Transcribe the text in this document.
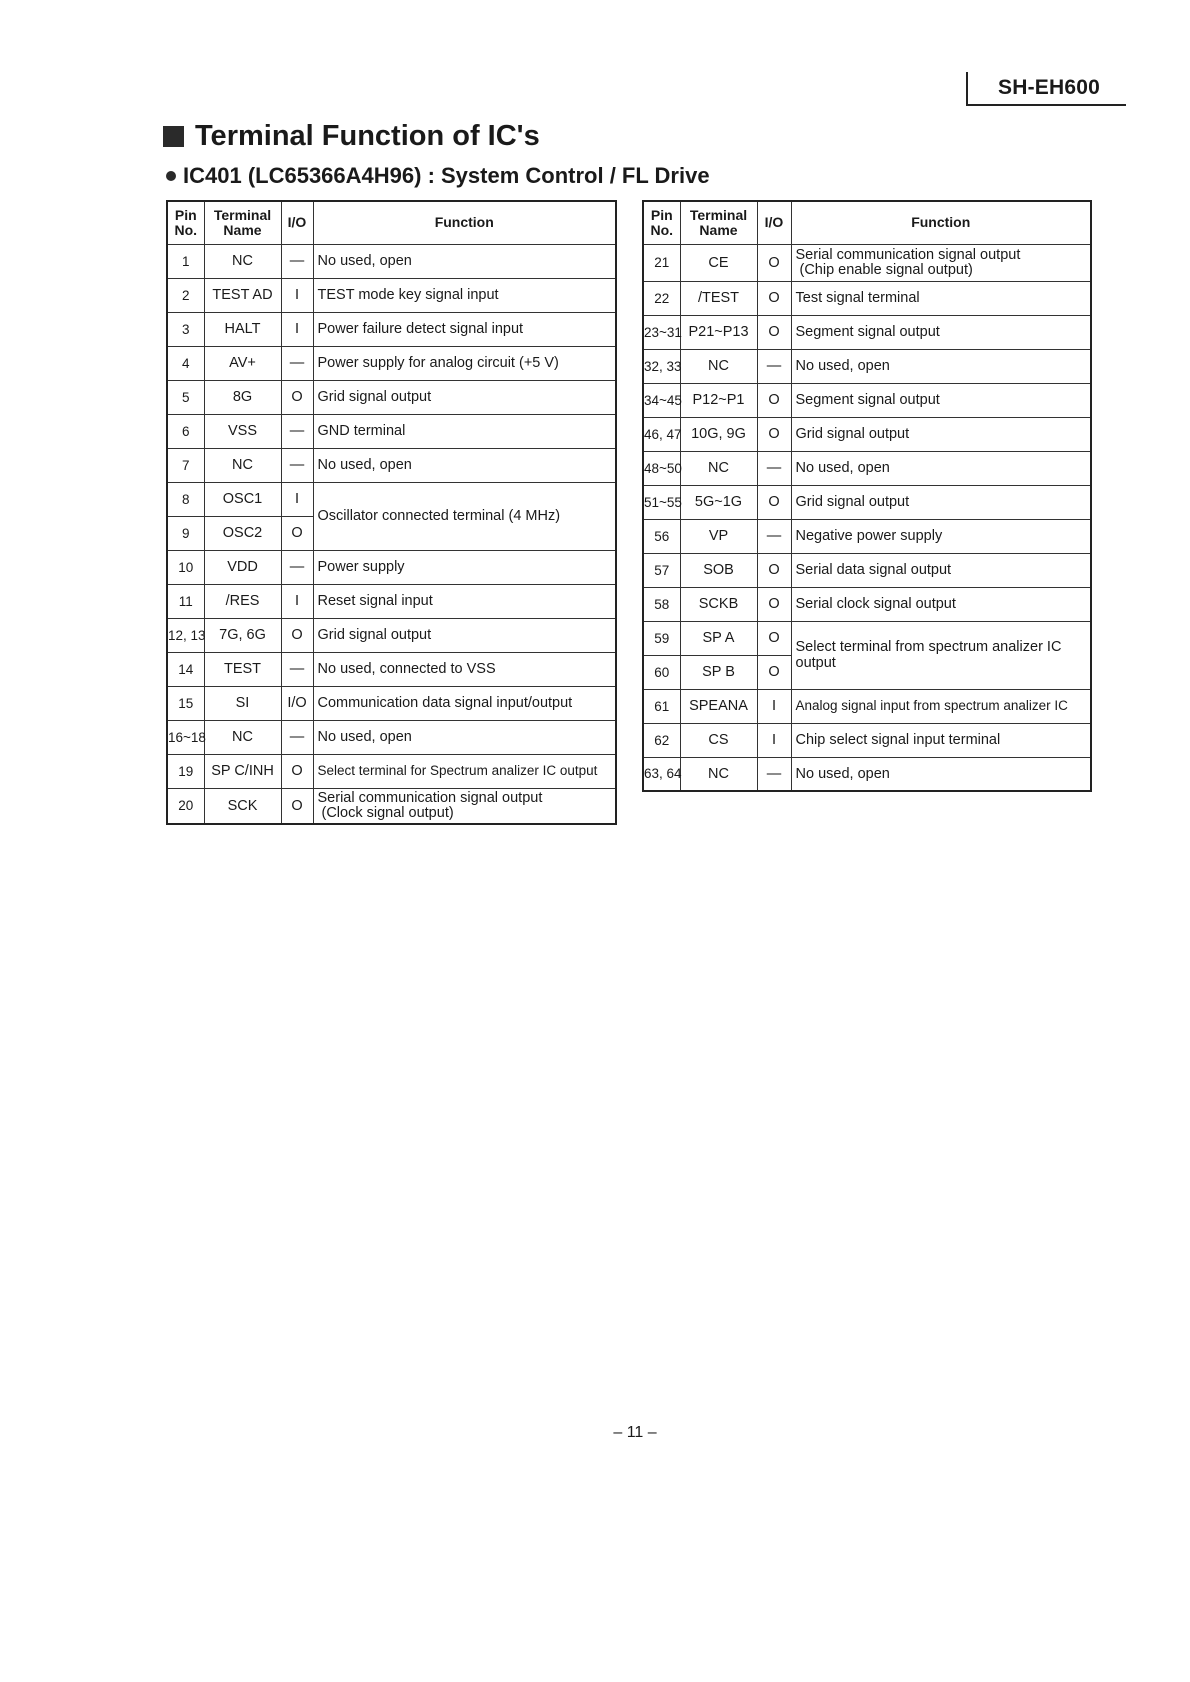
SH-EH600
Terminal Function of IC's
IC401 (LC65366A4H96) : System Control / FL Drive
Pin
No.	Terminal
Name	I/O	Function
1	NC	—	No used, open
2	TEST AD	I	TEST mode key signal input
3	HALT	I	Power failure detect signal input
4	AV+	—	Power supply for analog circuit (+5 V)
5	8G	O	Grid signal output
6	VSS	—	GND terminal
7	NC	—	No used, open
8	OSC1	I	Oscillator connected terminal (4 MHz)
9	OSC2	O	
10	VDD	—	Power supply
11	/RES	I	Reset signal input
12, 13	7G, 6G	O	Grid signal output
14	TEST	—	No used, connected to VSS
15	SI	I/O	Communication data signal input/output
16~18	NC	—	No used, open
19	SP C/INH	O	Select terminal for Spectrum analizer IC output
20	SCK	O	Serial communication signal output
(Clock signal output)
Pin
No.	Terminal
Name	I/O	Function
21	CE	O	Serial communication signal output
(Chip enable signal output)

22	/TEST	O	Test signal terminal
23~31	P21~P13	O	Segment signal output
32, 33	NC	—	No used, open
34~45	P12~P1	O	Segment signal output
46, 47	10G, 9G	O	Grid signal output
48~50	NC	—	No used, open
51~55	5G~1G	O	Grid signal output
56	VP	—	Negative power supply
57	SOB	O	Serial data signal output
58	SCKB	O	Serial clock signal output
59	SP A	O	Select terminal from spectrum analizer IC output
60	SP B	O	
61	SPEANA	I	Analog signal input from spectrum analizer IC
62	CS	I	Chip select signal input terminal
63, 64	NC	—	No used, open
– 11 –
